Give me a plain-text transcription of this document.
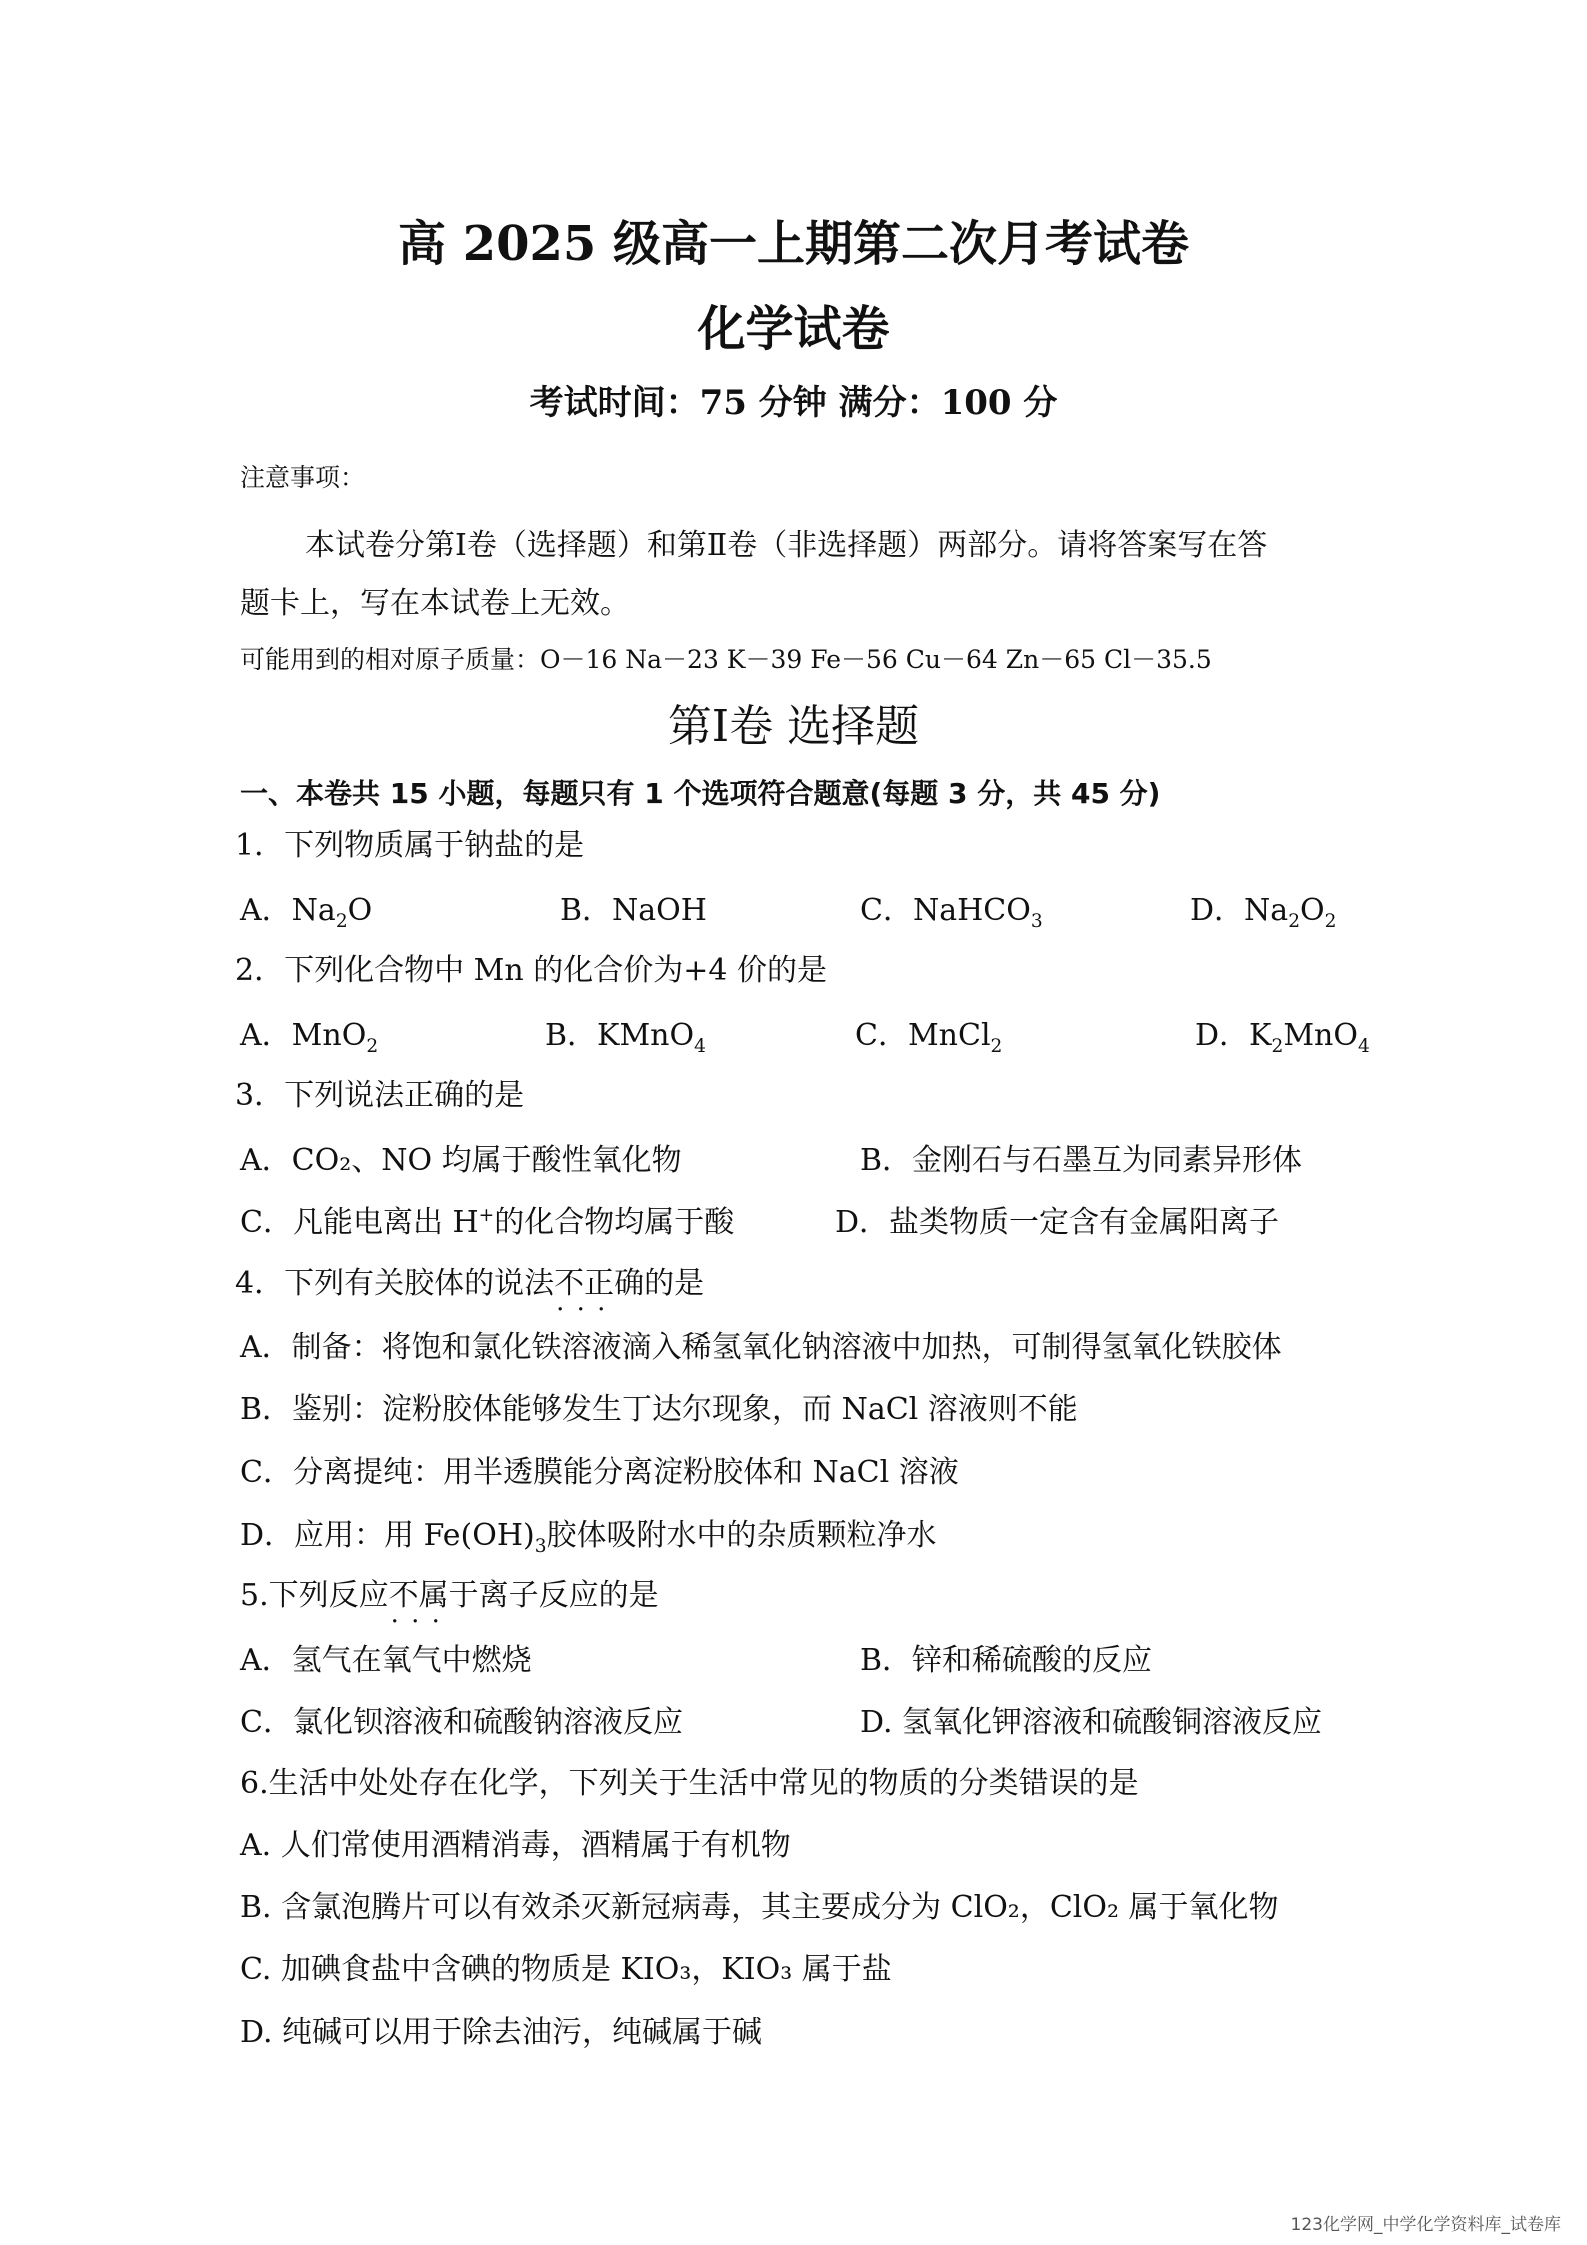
高 2025 级高一上期第二次月考试卷
化学试卷
考试时间：75 分钟 满分：100 分
注意事项：
本试卷分第Ⅰ卷（选择题）和第Ⅱ卷（非选择题）两部分。请将答案写在答
题卡上，写在本试卷上无效。
可能用到的相对原子质量：O－16 Na－23 K－39 Fe－56 Cu－64 Zn－65 Cl－35.5
第Ⅰ卷 选择题
一、本卷共 15 小题，每题只有 1 个选项符合题意(每题 3 分，共 45 分)
1．下列物质属于钠盐的是
A．$Na_2O$	B．NaOH	C．NaHCO$_3$	D．$Na_2O_2$
2．下列化合物中 Mn 的化合价为+4 价的是
A．MnO$_2$	B．KMnO$_4$	C．MnCl$_2$	D．$K_2MnO_4$
3．下列说法正确的是
A．CO₂、NO 均属于酸性氧化物	B．金刚石与石墨互为同素异形体
C．凡能电离出 H+的化合物均属于酸	D．盐类物质一定含有金属阳离子
4．下列有关胶体的说法不正确 · · ·的是
A．制备：将饱和氯化铁溶液滴入稀氢氧化钠溶液中加热，可制得氢氧化铁胶体
B．鉴别：淀粉胶体能够发生丁达尔现象，而 NaCl 溶液则不能
C．分离提纯：用半透膜能分离淀粉胶体和 NaCl 溶液
D．应用：用 $Fe(OH)_3$胶体吸附水中的杂质颗粒净水
5.下列反应不属于 · · ·离子反应的是
A．氢气在氧气中燃烧	B．锌和稀硫酸的反应
C．氯化钡溶液和硫酸钠溶液反应	D. 氢氧化钾溶液和硫酸铜溶液反应
6.生活中处处存在化学，下列关于生活中常见的物质的分类错误的是
A. 人们常使用酒精消毒，酒精属于有机物
B. 含氯泡腾片可以有效杀灭新冠病毒，其主要成分为 ClO₂，ClO₂ 属于氧化物
C. 加碘食盐中含碘的物质是 KIO₃，KIO₃ 属于盐
D. 纯碱可以用于除去油污，纯碱属于碱
123化学网_中学化学资料库_试卷库
